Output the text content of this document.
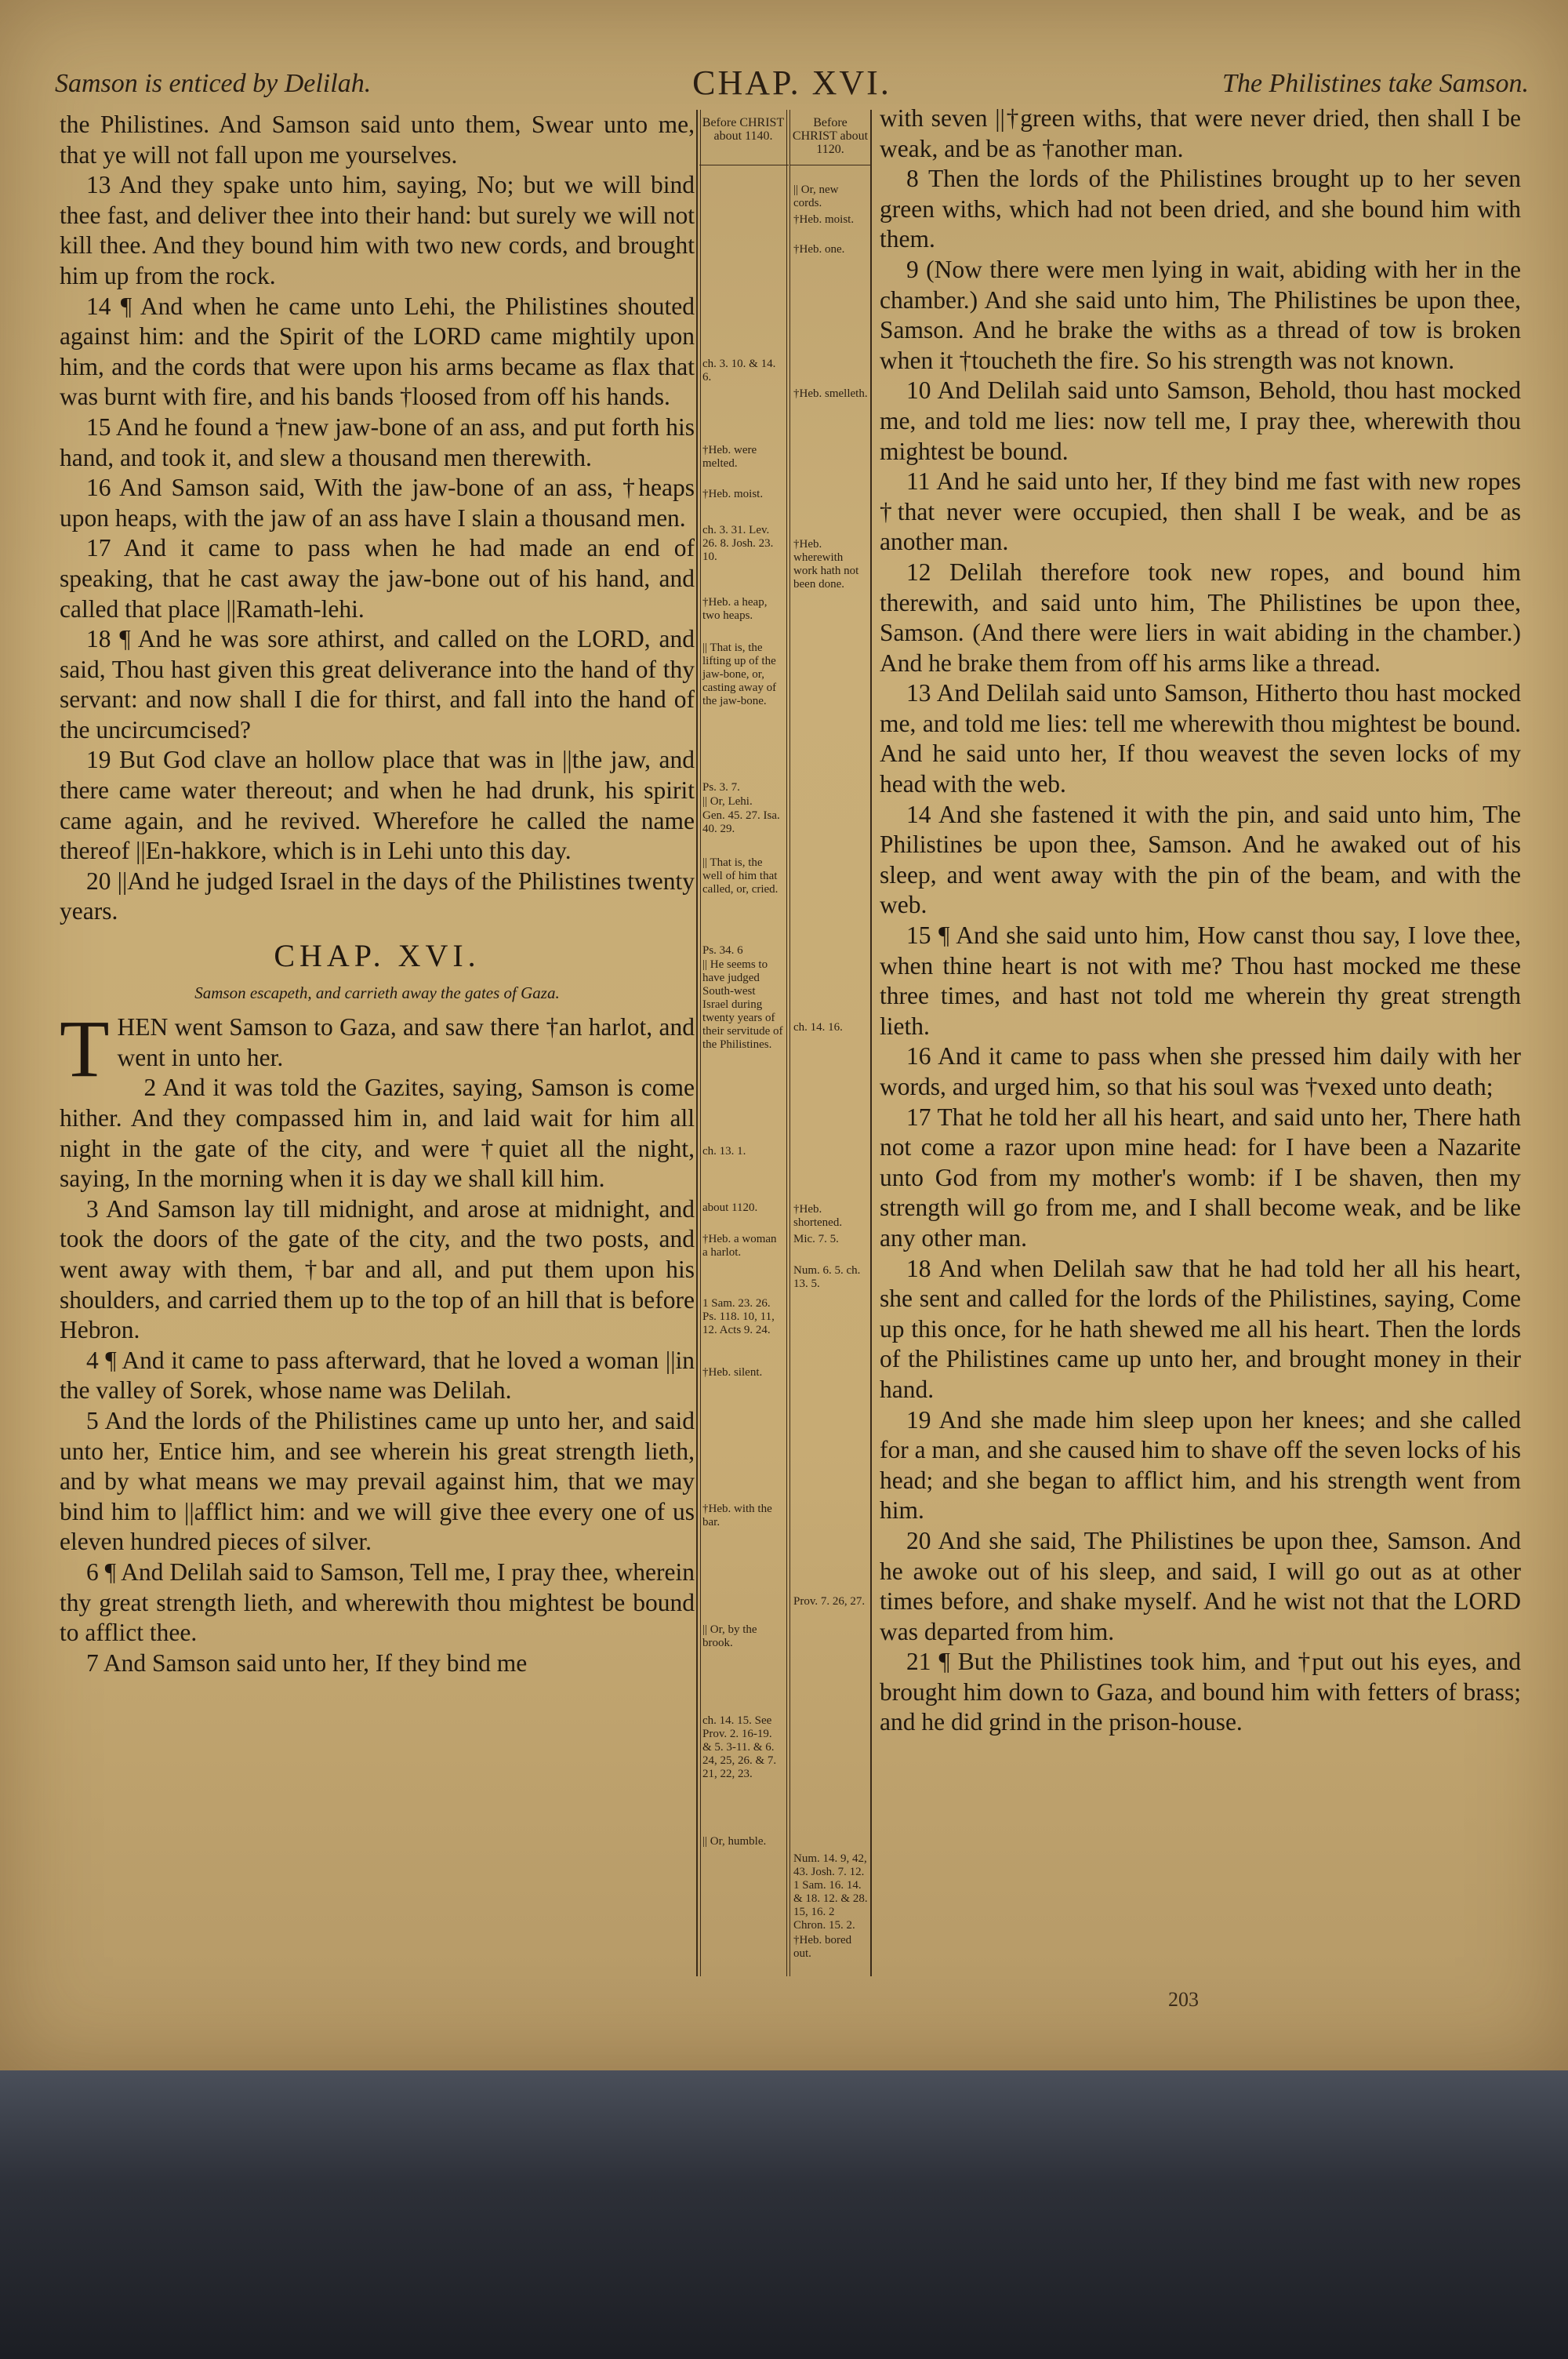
Samson is enticed by Delilah.	CHAP. XVI.	The Philistines take Samson.
Before CHRIST about 1140.
Before CHRIST about 1120.

the Philistines. And Samson said unto them, Swear unto me, that ye will not fall upon me yourselves.

13 And they spake unto him, saying, No; but we will bind thee fast, and deliver thee into their hand: but surely we will not kill thee. And they bound him with two new cords, and brought him up from the rock.

14 ¶ And when he came unto Lehi, the Philistines shouted against him: and the Spirit of the LORD came mightily upon him, and the cords that were upon his arms became as flax that was burnt with fire, and his bands †loosed from off his hands.

15 And he found a †new jaw-bone of an ass, and put forth his hand, and took it, and slew a thousand men therewith.

16 And Samson said, With the jaw-bone of an ass, †heaps upon heaps, with the jaw of an ass have I slain a thousand men.

17 And it came to pass when he had made an end of speaking, that he cast away the jaw-bone out of his hand, and called that place ||Ramath-lehi.

18 ¶ And he was sore athirst, and called on the LORD, and said, Thou hast given this great deliverance into the hand of thy servant: and now shall I die for thirst, and fall into the hand of the uncircumcised?

19 But God clave an hollow place that was in ||the jaw, and there came water thereout; and when he had drunk, his spirit came again, and he revived. Wherefore he called the name thereof ||En-hakkore, which is in Lehi unto this day.

20 ||And he judged Israel in the days of the Philistines twenty years.

CHAP. XVI.
Samson escapeth, and carrieth away the gates of Gaza.
T HEN went Samson to Gaza, and saw there †an harlot, and went in unto her.

2 And it was told the Gazites, saying, Samson is come hither. And they compassed him in, and laid wait for him all night in the gate of the city, and were †quiet all the night, saying, In the morning when it is day we shall kill him.

3 And Samson lay till midnight, and arose at midnight, and took the doors of the gate of the city, and the two posts, and went away with them, †bar and all, and put them upon his shoulders, and carried them up to the top of an hill that is before Hebron.

4 ¶ And it came to pass afterward, that he loved a woman ||in the valley of Sorek, whose name was Delilah.

5 And the lords of the Philistines came up unto her, and said unto her, Entice him, and see wherein his great strength lieth, and by what means we may prevail against him, that we may bind him to ||afflict him: and we will give thee every one of us eleven hundred pieces of silver.

6 ¶ And Delilah said to Samson, Tell me, I pray thee, wherein thy great strength lieth, and wherewith thou mightest be bound to afflict thee.

7 And Samson said unto her, If they bind me

ch. 3. 10. & 14. 6.
†Heb. were melted.
†Heb. moist.
ch. 3. 31. Lev. 26. 8. Josh. 23. 10.
†Heb. a heap, two heaps.
|| That is, the lifting up of the jaw-bone, or, casting away of the jaw-bone.
Ps. 3. 7.
|| Or, Lehi.
Gen. 45. 27. Isa. 40. 29.
|| That is, the well of him that called, or, cried.
Ps. 34. 6
|| He seems to have judged South-west Israel during twenty years of their servitude of the Philistines.
ch. 13. 1.
about 1120.
†Heb. a woman a harlot.
1 Sam. 23. 26. Ps. 118. 10, 11, 12. Acts 9. 24.
†Heb. silent.
†Heb. with the bar.
|| Or, by the brook.
ch. 14. 15. See Prov. 2. 16-19. & 5. 3-11. & 6. 24, 25, 26. & 7. 21, 22, 23.
|| Or, humble.
|| Or, new cords.
†Heb. moist.
†Heb. one.
†Heb. smelleth.
†Heb. wherewith work hath not been done.
ch. 14. 16.
†Heb. shortened.
Mic. 7. 5.
Num. 6. 5. ch. 13. 5.
Prov. 7. 26, 27.
Num. 14. 9, 42, 43. Josh. 7. 12. 1 Sam. 16. 14. & 18. 12. & 28. 15, 16. 2 Chron. 15. 2.
†Heb. bored out.

with seven ||†green withs, that were never dried, then shall I be weak, and be as †another man.

8 Then the lords of the Philistines brought up to her seven green withs, which had not been dried, and she bound him with them.

9 (Now there were men lying in wait, abiding with her in the chamber.) And she said unto him, The Philistines be upon thee, Samson. And he brake the withs as a thread of tow is broken when it †toucheth the fire. So his strength was not known.

10 And Delilah said unto Samson, Behold, thou hast mocked me, and told me lies: now tell me, I pray thee, wherewith thou mightest be bound.

11 And he said unto her, If they bind me fast with new ropes †that never were occupied, then shall I be weak, and be as another man.

12 Delilah therefore took new ropes, and bound him therewith, and said unto him, The Philistines be upon thee, Samson. (And there were liers in wait abiding in the chamber.) And he brake them from off his arms like a thread.

13 And Delilah said unto Samson, Hitherto thou hast mocked me, and told me lies: tell me wherewith thou mightest be bound. And he said unto her, If thou weavest the seven locks of my head with the web.

14 And she fastened it with the pin, and said unto him, The Philistines be upon thee, Samson. And he awaked out of his sleep, and went away with the pin of the beam, and with the web.

15 ¶ And she said unto him, How canst thou say, I love thee, when thine heart is not with me? Thou hast mocked me these three times, and hast not told me wherein thy great strength lieth.

16 And it came to pass when she pressed him daily with her words, and urged him, so that his soul was †vexed unto death;

17 That he told her all his heart, and said unto her, There hath not come a razor upon mine head: for I have been a Nazarite unto God from my mother's womb: if I be shaven, then my strength will go from me, and I shall become weak, and be like any other man.

18 And when Delilah saw that he had told her all his heart, she sent and called for the lords of the Philistines, saying, Come up this once, for he hath shewed me all his heart. Then the lords of the Philistines came up unto her, and brought money in their hand.

19 And she made him sleep upon her knees; and she called for a man, and she caused him to shave off the seven locks of his head; and she began to afflict him, and his strength went from him.

20 And she said, The Philistines be upon thee, Samson. And he awoke out of his sleep, and said, I will go out as at other times before, and shake myself. And he wist not that the LORD was departed from him.

21 ¶ But the Philistines took him, and †put out his eyes, and brought him down to Gaza, and bound him with fetters of brass; and he did grind in the prison-house.

203
